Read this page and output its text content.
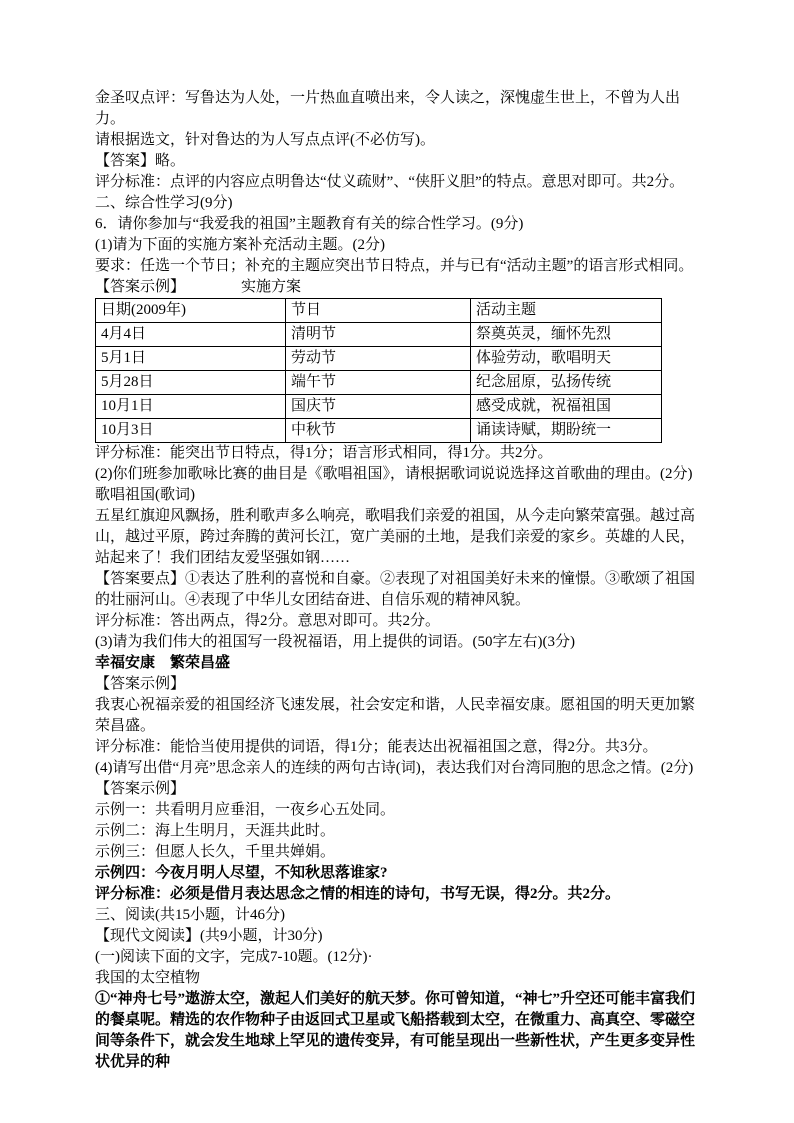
金圣叹点评：写鲁达为人处，一片热血直喷出来，令人读之，深愧虚生世上，不曾为人出力。

请根据选文，针对鲁达的为人写点点评(不必仿写)。

【答案】略。

评分标准：点评的内容应点明鲁达“仗义疏财”、“侠肝义胆”的特点。意思对即可。共2分。

二、综合性学习(9分)

6．请你参加与“我爱我的祖国”主题教育有关的综合性学习。(9分)

(1)请为下面的实施方案补充活动主题。(2分)

要求：任选一个节日；补充的主题应突出节日特点，并与已有“活动主题”的语言形式相同。

【答案示例】	实施方案

日期(2009年)	节日	活动主题
4月4日	清明节	祭奠英灵，缅怀先烈
5月1日	劳动节	体验劳动，歌唱明天
5月28日	端午节	纪念屈原，弘扬传统
10月1日	国庆节	感受成就，祝福祖国
10月3日	中秋节	诵读诗赋，期盼统一

评分标准：能突出节日特点，得1分；语言形式相同，得1分。共2分。

(2)你们班参加歌咏比赛的曲目是《歌唱祖国》，请根据歌词说说选择这首歌曲的理由。(2分)

歌唱祖国(歌词)

五星红旗迎风飘扬，胜利歌声多么响亮，歌唱我们亲爱的祖国，从今走向繁荣富强。越过高山，越过平原，跨过奔腾的黄河长江，宽广美丽的土地，是我们亲爱的家乡。英雄的人民，站起来了！我们团结友爱坚强如钢……

【答案要点】①表达了胜利的喜悦和自豪。②表现了对祖国美好未来的憧憬。③歌颂了祖国的壮丽河山。④表现了中华儿女团结奋进、自信乐观的精神风貌。

评分标准：答出两点，得2分。意思对即可。共2分。

(3)请为我们伟大的祖国写一段祝福语，用上提供的词语。(50字左右)(3分)

幸福安康　繁荣昌盛

【答案示例】

我衷心祝福亲爱的祖国经济飞速发展，社会安定和谐，人民幸福安康。愿祖国的明天更加繁荣昌盛。

评分标准：能恰当使用提供的词语，得1分；能表达出祝福祖国之意，得2分。共3分。

(4)请写出借“月亮”思念亲人的连续的两句古诗(词)，表达我们对台湾同胞的思念之情。(2分)

【答案示例】

示例一：共看明月应垂泪，一夜乡心五处同。

示例二：海上生明月，天涯共此时。

示例三：但愿人长久，千里共婵娟。

示例四：今夜月明人尽望，不知秋思落谁家?

评分标准：必须是借月表达思念之情的相连的诗句，书写无误，得2分。共2分。

三、阅读(共15小题，计46分)

【现代文阅读】(共9小题，计30分)

(一)阅读下面的文字，完成7-10题。(12分)·

我国的太空植物

①“神舟七号”遨游太空，激起人们美好的航天梦。你可曾知道，“神七”升空还可能丰富我们的餐桌呢。精选的农作物种子由返回式卫星或飞船搭载到太空，在微重力、高真空、零磁空间等条件下，就会发生地球上罕见的遗传变异，有可能呈现出一些新性状，产生更多变异性状优异的种
